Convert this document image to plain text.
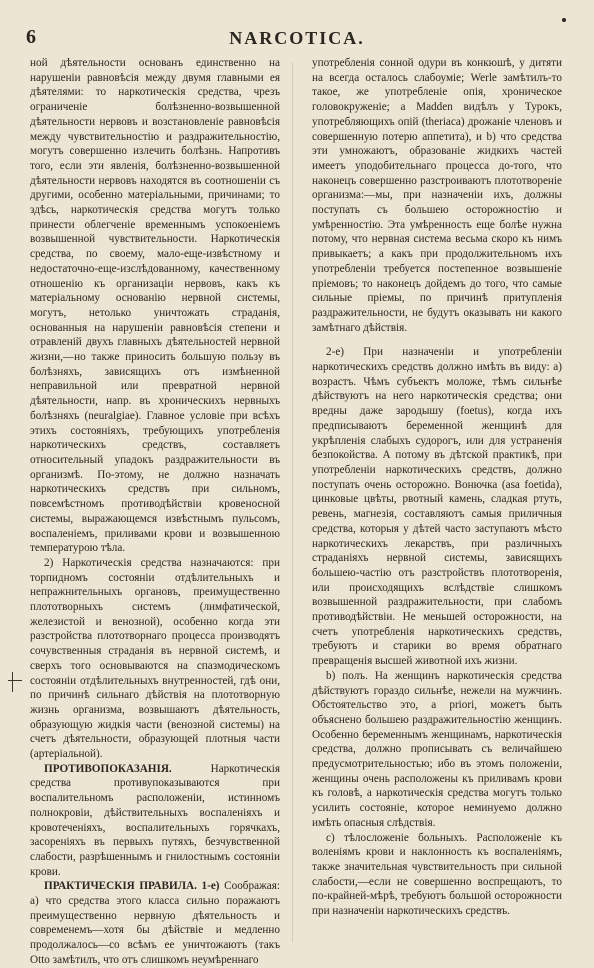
6	NARCOTICA.

ной дѣятельности основанъ единственно на нарушеніи равновѣсія между двумя главными ея дѣятелями: то наркотическія средства, чрезъ ограниченіе болѣзненно-возвышенной дѣятельности нервовъ и возстановленіе равновѣсія между чувствительностію и раздражительностію, могутъ совершенно излечить болѣзнь. Напротивъ того, если эти явленія, болѣзненно-возвышенной дѣятельности нервовъ находятся въ соотношеніи съ другими, особенно матеріальными, причинами; то здѣсь, наркотическія средства могутъ только принести облегченіе временнымъ успокоеніемъ возвышенной чувствительности. Наркотическія средства, по своему, мало-еще-извѣстному и недостаточно-еще-изслѣдованному, качественному отношенію къ организаціи нервовъ, какъ къ матеріальному основанію нервной системы, могутъ, нетолько уничтожать страданія, основанныя на нарушеніи равновѣсія степени и отравленій двухъ главныхъ дѣятельностей нервной жизни,—но также приносить большую пользу въ болѣзняхъ, зависящихъ отъ измѣненной неправильной или превратной нервной дѣятельности, напр. въ хроническихъ нервныхъ болѣзняхъ (neuralgiae). Главное условіе при всѣхъ этихъ состояніяхъ, требующихъ употребленія наркотическихъ средствъ, составляетъ относительный упадокъ раздражительности въ организмѣ. По-этому, не должно назначать наркотическихъ средствъ при сильномъ, повсемѣстномъ противодѣйствіи кровеносной системы, выражающемся извѣстнымъ пульсомъ, воспаленіемъ, приливами крови и возвышенною температурою тѣла.

2) Наркотическія средства назначаются: при торпидномъ состояніи отдѣлительныхъ и непражнительныхъ органовъ, преимущественно плототворныхъ системъ (лимфатической, железистой и венозной), особенно когда эти разстройства плототворнаго процесса производятъ сочувственныя страданія въ нервной системѣ, и сверхъ того основываются на спазмодическомъ состояніи отдѣлительныхъ внутренностей, гдѣ они, по причинѣ сильнаго дѣйствія на плототворную жизнь организма, возвышаютъ дѣятельность, образующую жидкія части (венозной системы) на счетъ дѣятельности, образующей плотныя части (артеріальной).

ПРОТИВОПОКАЗАНІЯ.	Наркотическія средства противупоказываются при воспалительномъ расположеніи, истинномъ полнокровіи, дѣйствительныхъ воспаленіяхъ и кровотеченіяхъ, воспалительныхъ горячкахъ, засореніяхъ въ первыхъ путяхъ, безчувственной слабости, разрѣшеннымъ и гнилостнымъ состояніи крови.

ПРАКТИЧЕСКІЯ ПРАВИЛА. 1-е) Соображая: а) что средства этого класса сильно поражаютъ преимущественно нервную дѣятельность и современемъ—хотя бы дѣйствіе и медленно продолжалось—со всѣмъ ее уничтожаютъ (такъ Otto замѣтилъ, что отъ слишкомъ неумѣреннаго

употребленія сонной одури въ конкюшѣ, у дитяти на всегда осталось слабоуміе; Werle замѣтилъ-то такое, же употребленіе опія, хроническое головокруженіе; а Madden видѣлъ у Турокъ, употребляющихъ опій (theriaca) дрожаніе членовъ и совершенную потерю аппетита), и b) что средства эти умножаютъ, образованіе жидкихъ частей имеетъ уподобительнаго процесса до-того, что наконецъ совершенно разстроиваютъ плототвореніе организма:—мы, при назначеніи ихъ, должны поступать съ большею осторожностію и умѣренностію. Эта умѣренность еще болѣе нужна потому, что нервная система весьма скоро къ нимъ привыкаетъ; а какъ при продолжительномъ ихъ употребленіи требуется постепенное возвышеніе пріемовъ; то наконецъ дойдемъ до того, что самые сильные пріемы, по причинѣ притупленія раздражительности, не будутъ оказывать ни какого замѣтнаго дѣйствія.

2-е) При назначеніи и употребленіи наркотическихъ средствъ должно имѣть въ виду: а) возрастъ. Чѣмъ субъектъ моложе, тѣмъ сильнѣе дѣйствуютъ на него наркотическія средства; они вредны даже зародышу (foetus), когда ихъ предписываютъ беременной женщинѣ для укрѣпленія слабыхъ судорогъ, или для устраненія безпокойства. А потому въ дѣтской практикѣ, при употребленіи наркотическихъ средствъ, должно поступать очень осторожно. Вонючка (asa foetida), цинковые цвѣты, рвотный камень, сладкая ртуть, ревень, магнезія, составляютъ самыя приличныя средства, которыя у дѣтей часто заступаютъ мѣсто наркотическихъ лекарствъ, при различныхъ страданіяхъ нервной системы, зависящихъ большею-частію отъ разстройствъ плототворенія, или происходящихъ вслѣдствіе слишкомъ возвышенной раздражительности, при слабомъ противодѣйствіи. Не меньшей осторожности, на счетъ употребленія наркотическихъ средствъ, требуютъ и старики во время обратнаго превращенія высшей животной ихъ жизни.

b) полъ. На женщинъ наркотическія средства дѣйствуютъ гораздо сильнѣе, нежели на мужчинъ. Обстоятельство это, a priori, можетъ быть объяснено большею раздражительностію женщинъ. Особенно беременнымъ женщинамъ, наркотическія средства, должно прописывать съ величайшею предусмотрительностью; ибо въ этомъ положеніи, женщины очень расположены къ приливамъ крови къ головѣ, а наркотическія средства могутъ только усилить состояніе, которое неминуемо должно имѣть опасныя слѣдствія.

c) тѣлосложеніе больныхъ. Расположеніе къ воленіямъ крови и наклонность къ воспаленіямъ, также значительная чувствительность при сильной слабости,—если не совершенно воспрещаютъ, то по-крайней-мѣрѣ, требуютъ большой осторожности при назначеніи наркотическихъ средствъ.
